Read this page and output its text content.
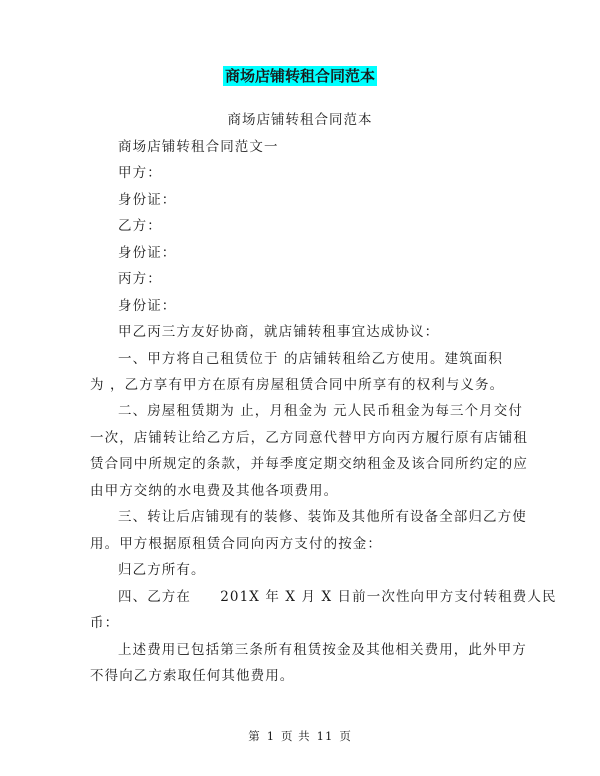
商场店铺转租合同范本
商场店铺转租合同范本
商场店铺转租合同范文一
甲方：
身份证：
乙方：
身份证：
丙方：
身份证：
甲乙丙三方友好协商，就店铺转租事宜达成协议：
一、甲方将自己租赁位于 的店铺转租给乙方使用。建筑面积
为 ，乙方享有甲方在原有房屋租赁合同中所享有的权利与义务。
二、房屋租赁期为 止，月租金为 元人民币租金为每三个月交付
一次，店铺转让给乙方后，乙方同意代替甲方向丙方履行原有店铺租
赁合同中所规定的条款，并每季度定期交纳租金及该合同所约定的应
由甲方交纳的水电费及其他各项费用。
三、转让后店铺现有的装修、装饰及其他所有设备全部归乙方使
用。甲方根据原租赁合同向丙方支付的按金：
归乙方所有。
四、乙方在　　201X 年 X 月 X 日前一次性向甲方支付转租费人民
币：
上述费用已包括第三条所有租赁按金及其他相关费用，此外甲方
不得向乙方索取任何其他费用。
第 1 页 共 11 页
